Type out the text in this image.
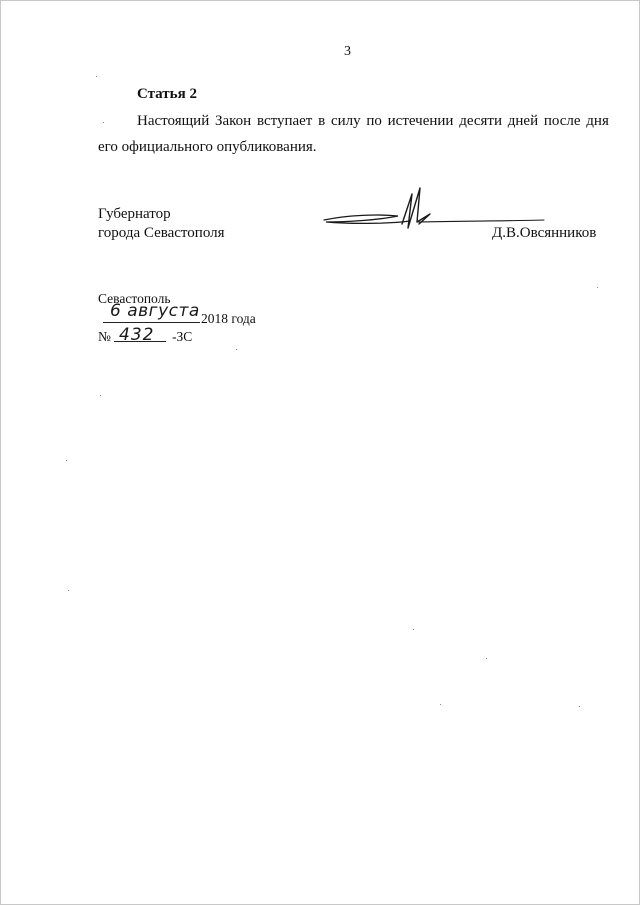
3
Статья 2
Настоящий Закон вступает в силу по истечении десяти дней после дня
его официального опубликования.
Губернатор
города Севастополя	Д.В.Овсянников
Севастополь
6 августа 2018 года
№ 432 -ЗС
